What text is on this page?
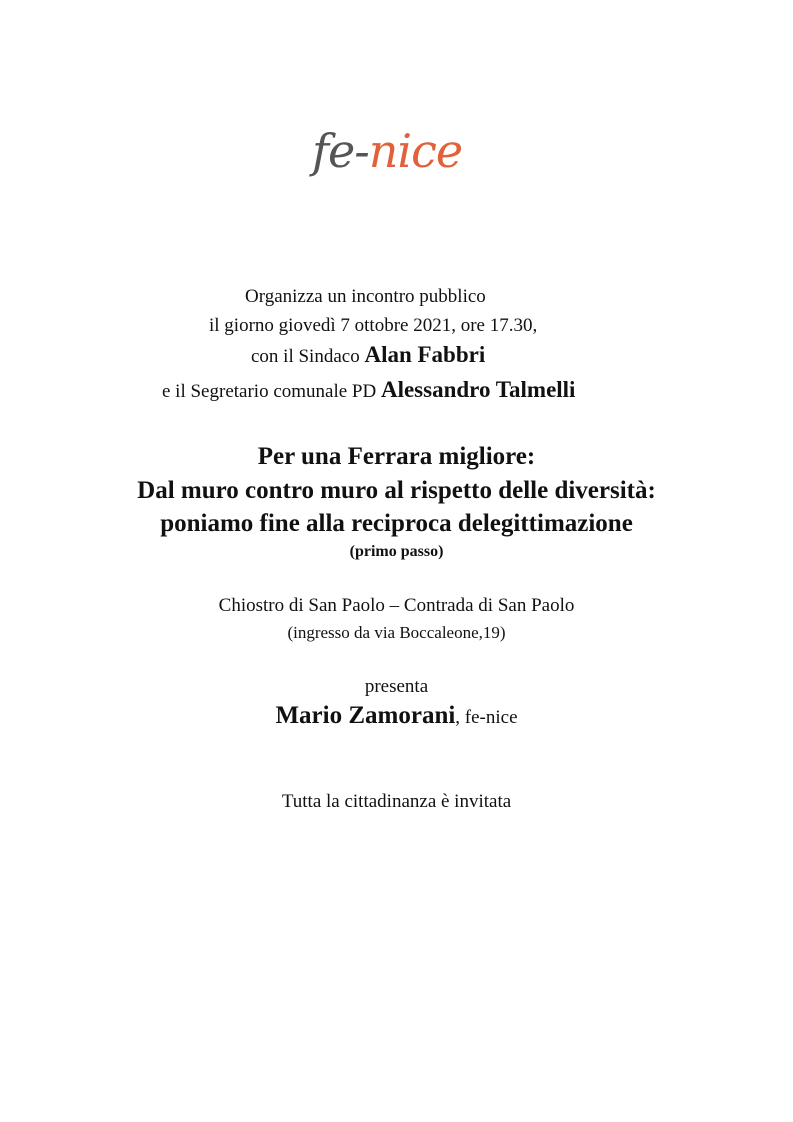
fe-nice
Organizza un incontro pubblico
il giorno giovedì 7 ottobre 2021, ore 17.30,
con il Sindaco Alan Fabbri
e il Segretario comunale PD Alessandro Talmelli
Per una Ferrara migliore:
Dal muro contro muro al rispetto delle diversità:
poniamo fine alla reciproca delegittimazione
(primo passo)
Chiostro di San Paolo – Contrada di San Paolo
(ingresso da via Boccaleone,19)
presenta
Mario Zamorani, fe-nice
Tutta la cittadinanza è invitata
